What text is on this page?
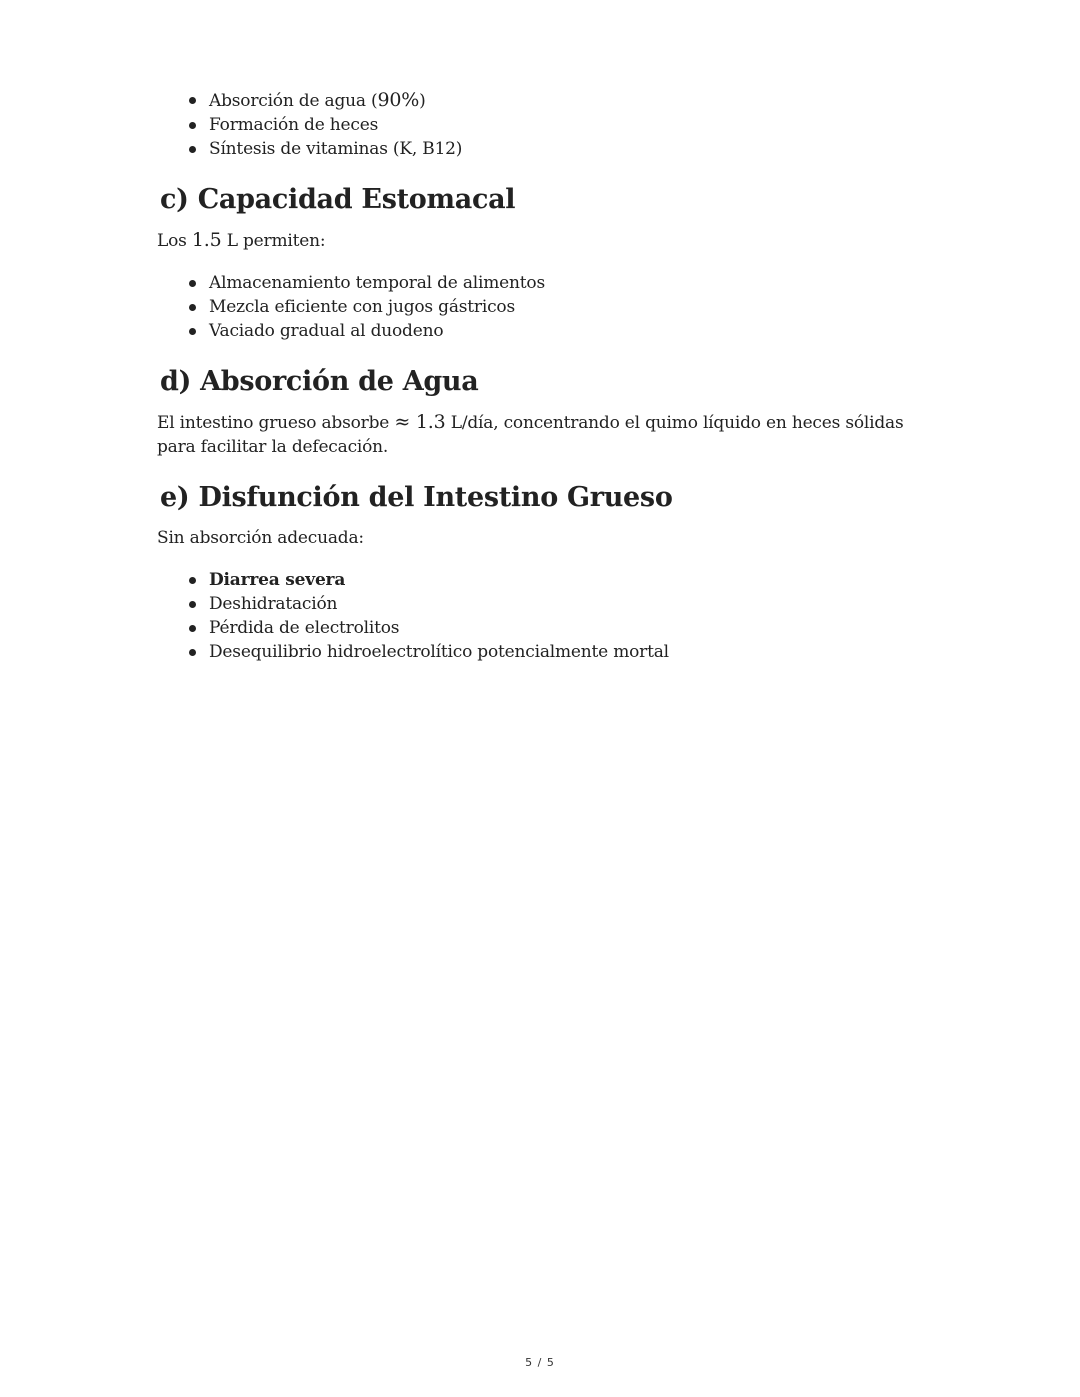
Absorción de agua (90%)
Formación de heces
Síntesis de vitaminas (K, B12)
c) Capacidad Estomacal

Los 1.5 L permiten:

Almacenamiento temporal de alimentos
Mezcla eficiente con jugos gástricos
Vaciado gradual al duodeno
d) Absorción de Agua

El intestino grueso absorbe ≈ 1.3 L/día, concentrando el quimo líquido en heces sólidas
para facilitar la defecación.

e) Disfunción del Intestino Grueso

Sin absorción adecuada:

Diarrea severa
Deshidratación
Pérdida de electrolitos
Desequilibrio hidroelectrolítico potencialmente mortal
5 / 5
